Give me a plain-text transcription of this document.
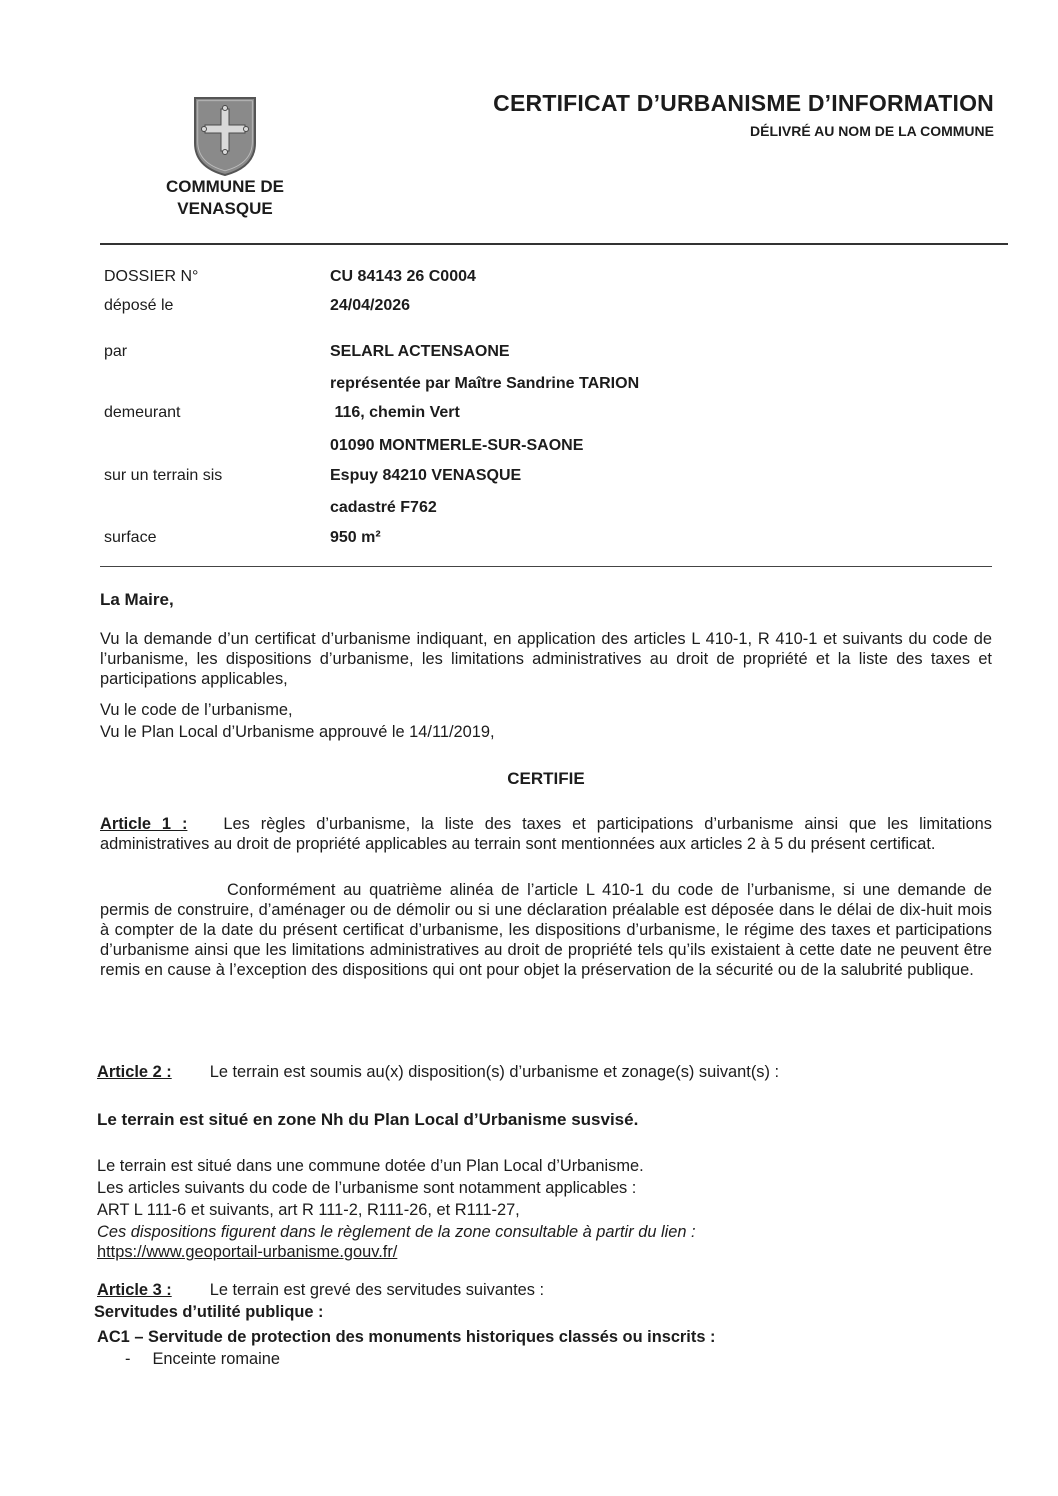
COMMUNE DE
VENASQUE
CERTIFICAT D’URBANISME D’INFORMATION
DÉLIVRÉ AU NOM DE LA COMMUNE
DOSSIER N°	CU 84143 26 C0004
déposé le	24/04/2026
par	SELARL ACTENSAONE
représentée par Maître Sandrine TARION
demeurant	116, chemin Vert
01090 MONTMERLE-SUR-SAONE
sur un terrain sis	Espuy 84210 VENASQUE
cadastré F762
surface	950 m²
La Maire,
Vu la demande d’un certificat d’urbanisme indiquant, en application des articles L 410-1, R 410-1 et suivants du code de l’urbanisme, les dispositions d’urbanisme, les limitations administratives au droit de propriété et la liste des taxes et participations applicables,
Vu le code de l’urbanisme,
Vu le Plan Local d’Urbanisme approuvé le 14/11/2019,
CERTIFIE
Article 1 : Les règles d’urbanisme, la liste des taxes et participations d’urbanisme ainsi que les limitations administratives au droit de propriété applicables au terrain sont mentionnées aux articles 2 à 5 du présent certificat.
Conformément au quatrième alinéa de l’article L 410-1 du code de l’urbanisme, si une demande de permis de construire, d’aménager ou de démolir ou si une déclaration préalable est déposée dans le délai de dix-huit mois à compter de la date du présent certificat d’urbanisme, les dispositions d’urbanisme, le régime des taxes et participations d’urbanisme ainsi que les limitations administratives au droit de propriété tels qu’ils existaient à cette date ne peuvent être remis en cause à l’exception des dispositions qui ont pour objet la préservation de la sécurité ou de la salubrité publique.
Article 2 : Le terrain est soumis au(x) disposition(s) d’urbanisme et zonage(s) suivant(s) :
Le terrain est situé en zone Nh du Plan Local d’Urbanisme susvisé.
Le terrain est situé dans une commune dotée d’un Plan Local d’Urbanisme.
Les articles suivants du code de l’urbanisme sont notamment applicables :
ART L 111-6 et suivants, art R 111-2, R111-26, et R111-27,
Ces dispositions figurent dans le règlement de la zone consultable à partir du lien :
https://www.geoportail-urbanisme.gouv.fr/
Article 3 : Le terrain est grevé des servitudes suivantes :
Servitudes d’utilité publique :
AC1 – Servitude de protection des monuments historiques classés ou inscrits :
- Enceinte romaine
